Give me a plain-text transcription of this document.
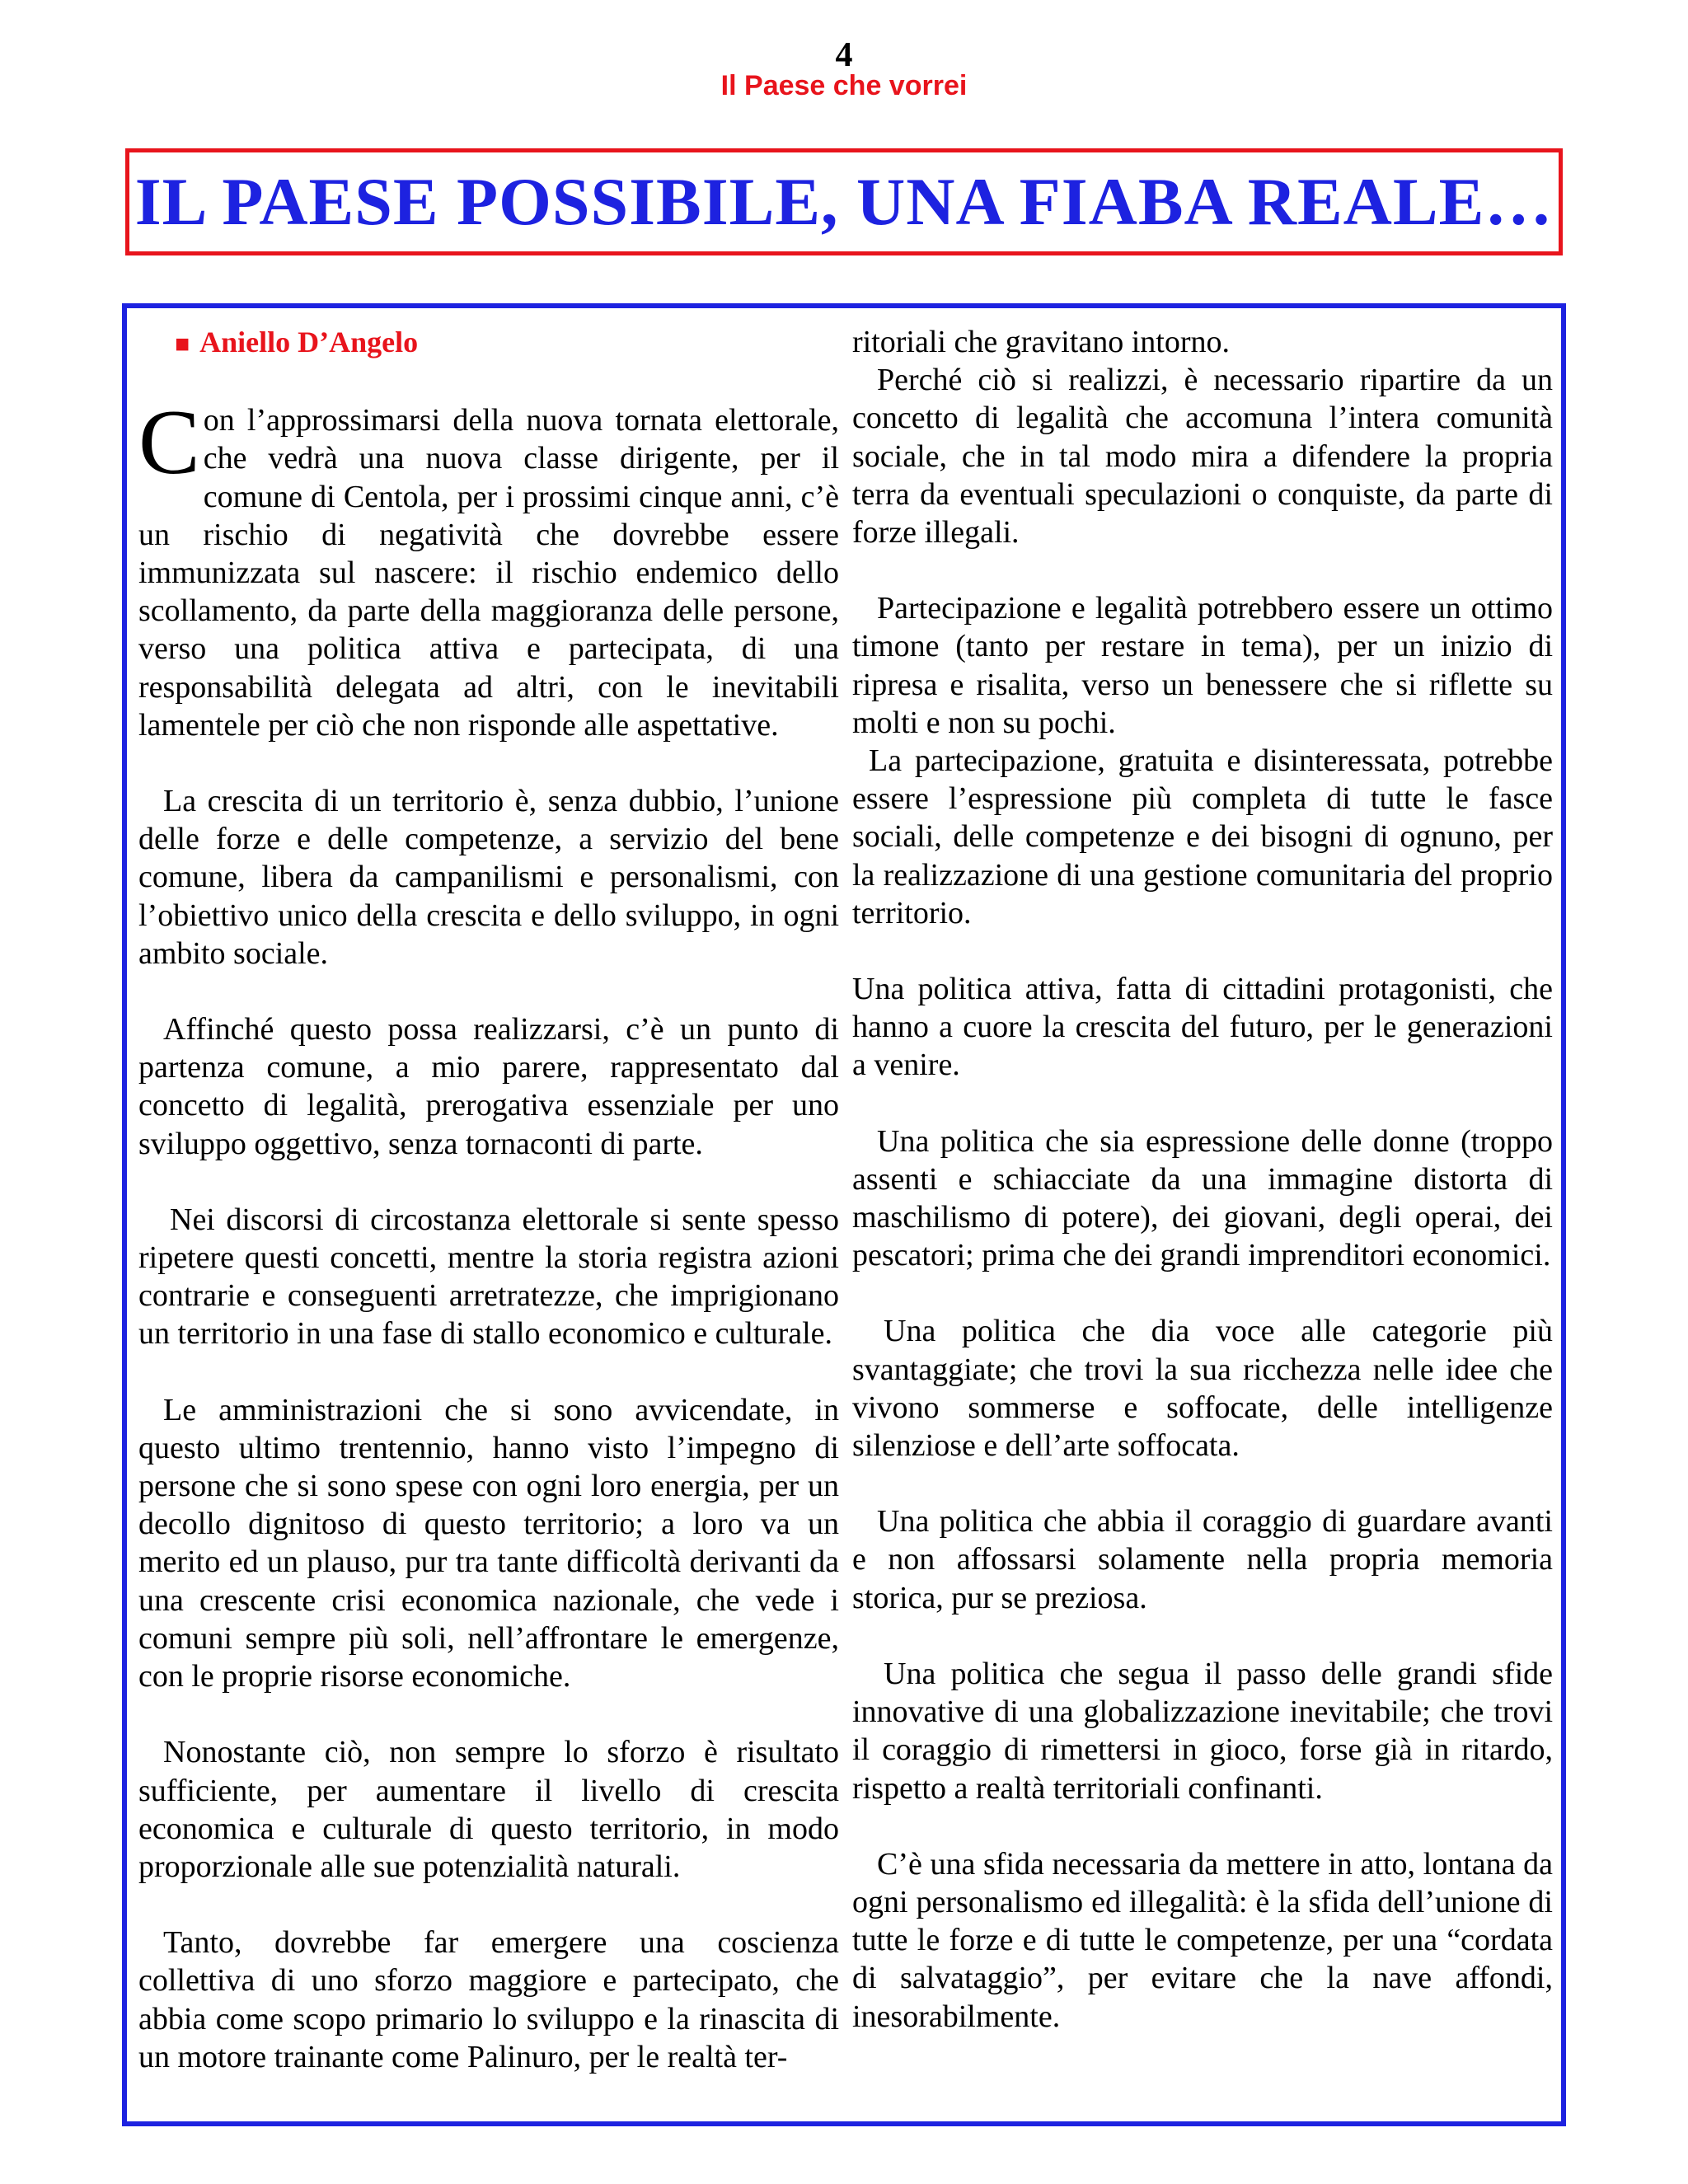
4
Il Paese che vorrei
IL PAESE POSSIBILE, UNA FIABA REALE…
■ Aniello D’Angelo

Con l’approssimarsi della nuova tornata elettorale, che vedrà una nuova classe dirigente, per il comune di Centola, per i prossimi cinque anni, c’è un rischio di negatività che dovrebbe essere immunizzata sul nascere: il rischio endemico dello scollamento, da parte della maggioranza delle persone, verso una politica attiva e partecipata, di una responsabilità delegata ad altri, con le inevitabili lamentele per ciò che non risponde alle aspettative.

La crescita di un territorio è, senza dubbio, l’unione delle forze e delle competenze, a servizio del bene comune, libera da campanilismi e personalismi, con l’obiettivo unico della crescita e dello sviluppo, in ogni ambito sociale.

Affinché questo possa realizzarsi, c’è un punto di partenza comune, a mio parere, rappresentato dal concetto di legalità, prerogativa essenziale per uno sviluppo oggettivo, senza tornaconti di parte.

Nei discorsi di circostanza elettorale si sente spesso ripetere questi concetti, mentre la storia registra azioni contrarie e conseguenti arretratezze, che imprigionano un territorio in una fase di stallo economico e culturale.

Le amministrazioni che si sono avvicendate, in questo ultimo trentennio, hanno visto l’impegno di persone che si sono spese con ogni loro energia, per un decollo dignitoso di questo territorio; a loro va un merito ed un plauso, pur tra tante difficoltà derivanti da una crescente crisi economica nazionale, che vede i comuni sempre più soli, nell’affrontare le emergenze, con le proprie risorse economiche.

Nonostante ciò, non sempre lo sforzo è risultato sufficiente, per aumentare il livello di crescita economica e culturale di questo territorio, in modo proporzionale alle sue potenzialità naturali.

Tanto, dovrebbe far emergere una coscienza collettiva di uno sforzo maggiore e partecipato, che abbia come scopo primario lo sviluppo e la rinascita di un motore trainante come Palinuro, per le realtà ter-

ritoriali che gravitano intorno.

Perché ciò si realizzi, è necessario ripartire da un concetto di legalità che accomuna l’intera comunità sociale, che in tal modo mira a difendere la propria terra da eventuali speculazioni o conquiste, da parte di forze illegali.

Partecipazione e legalità potrebbero essere un ottimo timone (tanto per restare in tema), per un inizio di ripresa e risalita, verso un benessere che si riflette su molti e non su pochi.

La partecipazione, gratuita e disinteressata, potrebbe essere l’espressione più completa di tutte le fasce sociali, delle competenze e dei bisogni di ognuno, per la realizzazione di una gestione comunitaria del proprio territorio.

Una politica attiva, fatta di cittadini protagonisti, che hanno a cuore la crescita del futuro, per le generazioni a venire.

Una politica che sia espressione delle donne (troppo assenti e schiacciate da una immagine distorta di maschilismo di potere), dei giovani, degli operai, dei pescatori; prima che dei grandi imprenditori economici.

Una politica che dia voce alle categorie più svantaggiate; che trovi la sua ricchezza nelle idee che vivono sommerse e soffocate, delle intelligenze silenziose e dell’arte soffocata.

Una politica che abbia il coraggio di guardare avanti e non affossarsi solamente nella propria memoria storica, pur se preziosa.

Una politica che segua il passo delle grandi sfide innovative di una globalizzazione inevitabile; che trovi il coraggio di rimettersi in gioco, forse già in ritardo, rispetto a realtà territoriali confinanti.

C’è una sfida necessaria da mettere in atto, lontana da ogni personalismo ed illegalità: è la sfida dell’unione di tutte le forze e di tutte le competenze, per una “cordata di salvataggio”, per evitare che la nave affondi, inesorabilmente.
